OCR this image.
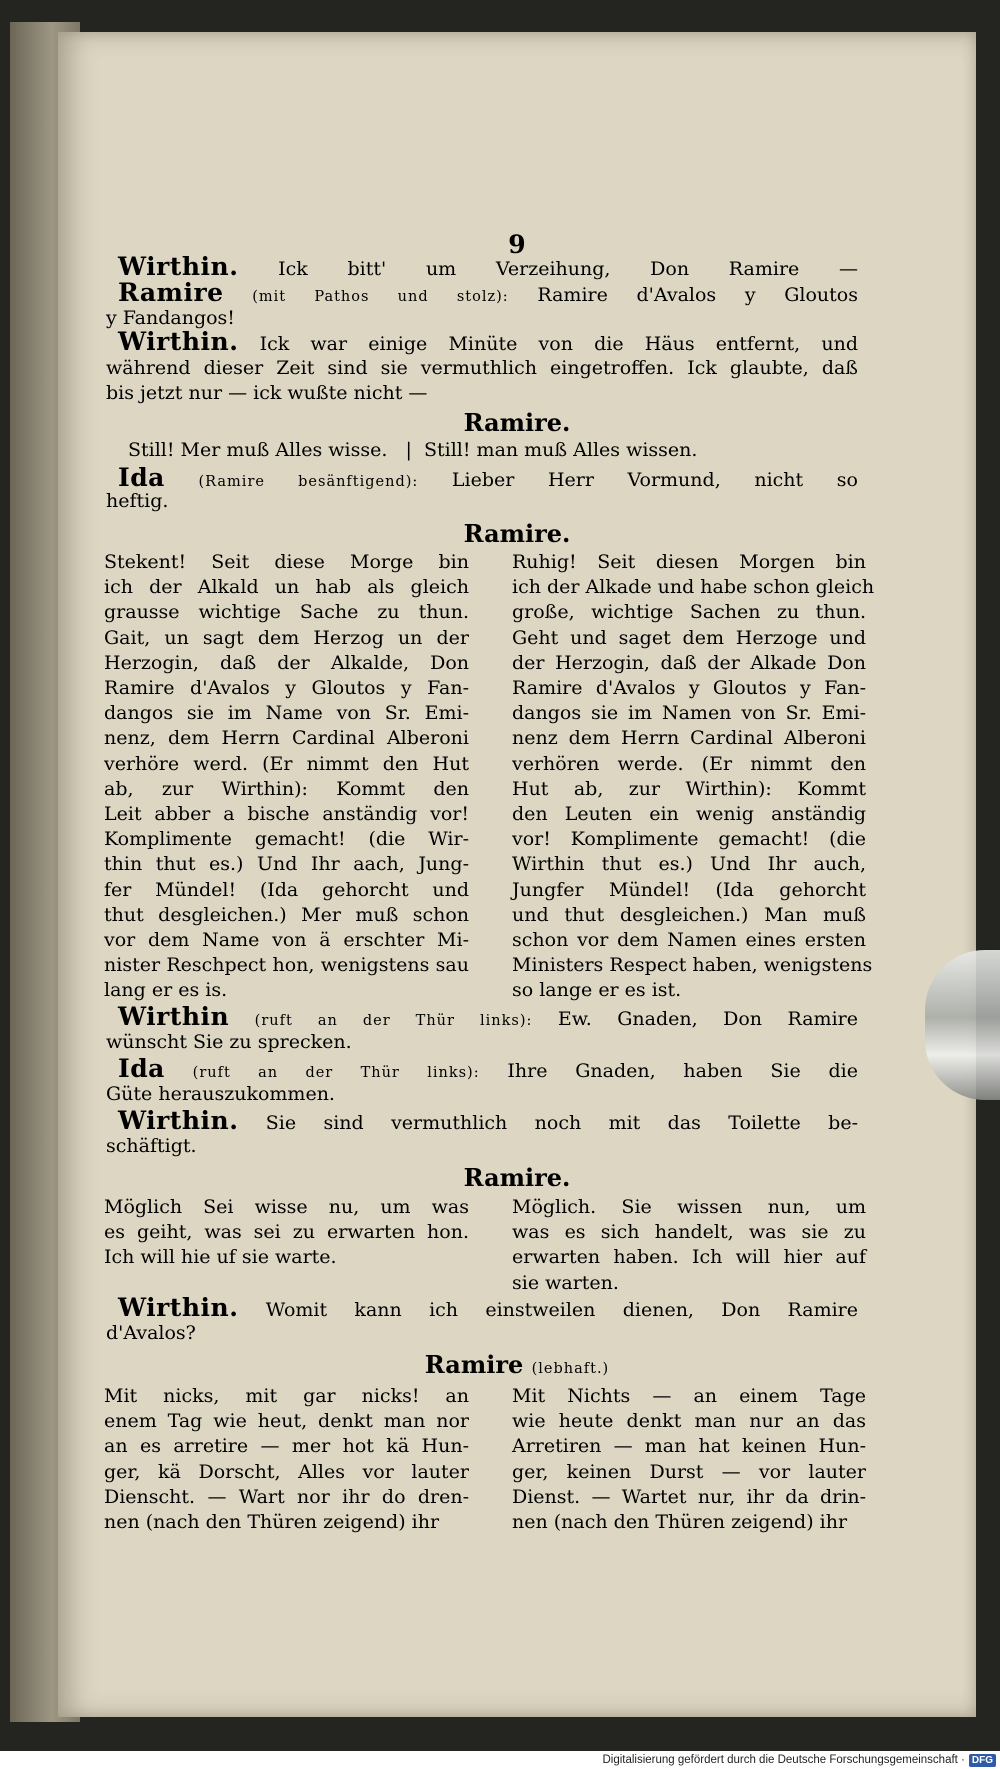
9
Wirthin. Ick bitt' um Verzeihung, Don Ramire —
Ramire (mit Pathos und stolz): Ramire d'Avalos y Gloutos
y Fandangos!
Wirthin. Ick war einige Minüte von die Häus entfernt, und
während dieser Zeit sind sie vermuthlich eingetroffen. Ick glaubte, daß
bis jetzt nur — ick wußte nicht —
Ramire.
Still! Mer muß Alles wisse.   |  Still! man muß Alles wissen.
Ida (Ramire besänftigend): Lieber Herr Vormund, nicht so
heftig.
Ramire.
Stekent! Seit diese Morge bin
ich der Alkald un hab als gleich
grausse wichtige Sache zu thun.
Gait, un sagt dem Herzog un der
Herzogin, daß der Alkalde, Don
Ramire d'Avalos y Gloutos y Fan-
dangos sie im Name von Sr. Emi-
nenz, dem Herrn Cardinal Alberoni
verhöre werd. (Er nimmt den Hut
ab, zur Wirthin): Kommt den
Leit abber a bische anständig vor!
Komplimente gemacht! (die Wir-
thin thut es.) Und Ihr aach, Jung-
fer Mündel! (Ida gehorcht und
thut desgleichen.) Mer muß schon
vor dem Name von ä erschter Mi-
nister Reschpect hon, wenigstens sau
lang er es is.
Ruhig! Seit diesen Morgen bin
ich der Alkade und habe schon gleich
große, wichtige Sachen zu thun.
Geht und saget dem Herzoge und
der Herzogin, daß der Alkade Don
Ramire d'Avalos y Gloutos y Fan-
dangos sie im Namen von Sr. Emi-
nenz dem Herrn Cardinal Alberoni
verhören werde. (Er nimmt den
Hut ab, zur Wirthin): Kommt
den Leuten ein wenig anständig
vor! Komplimente gemacht! (die
Wirthin thut es.) Und Ihr auch,
Jungfer Mündel! (Ida gehorcht
und thut desgleichen.) Man muß
schon vor dem Namen eines ersten
Ministers Respect haben, wenigstens
so lange er es ist.
Wirthin (ruft an der Thür links): Ew. Gnaden, Don Ramire
wünscht Sie zu sprecken.
Ida (ruft an der Thür links): Ihre Gnaden, haben Sie die
Güte herauszukommen.
Wirthin. Sie sind vermuthlich noch mit das Toilette be-
schäftigt.
Ramire.
Möglich Sei wisse nu, um was
es geiht, was sei zu erwarten hon.
Ich will hie uf sie warte.
Möglich. Sie wissen nun, um
was es sich handelt, was sie zu
erwarten haben. Ich will hier auf
sie warten.
Wirthin. Womit kann ich einstweilen dienen, Don Ramire
d'Avalos?
Ramire (lebhaft.)
Mit nicks, mit gar nicks! an
enem Tag wie heut, denkt man nor
an es arretire — mer hot kä Hun-
ger, kä Dorscht, Alles vor lauter
Dienscht. — Wart nor ihr do dren-
nen (nach den Thüren zeigend) ihr
Mit Nichts — an einem Tage
wie heute denkt man nur an das
Arretiren — man hat keinen Hun-
ger, keinen Durst — vor lauter
Dienst. — Wartet nur, ihr da drin-
nen (nach den Thüren zeigend) ihr
Digitalisierung gefördert durch die Deutsche Forschungsgemeinschaft · DFG
